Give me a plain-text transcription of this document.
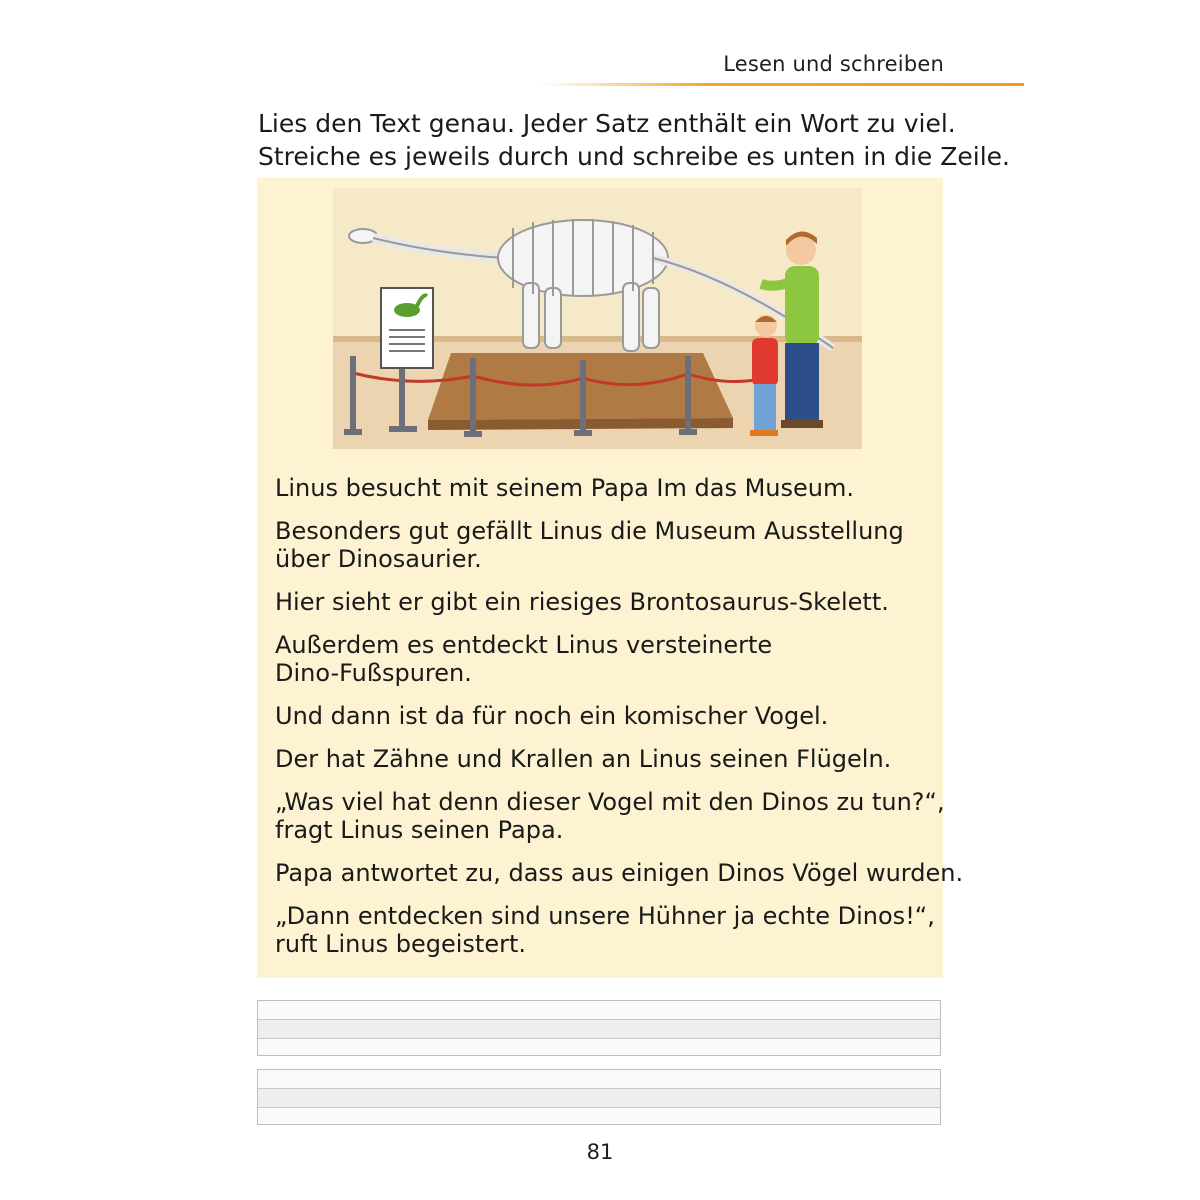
Lesen und schreiben
Lies den Text genau. Jeder Satz enthält ein Wort zu viel.
Streiche es jeweils durch und schreibe es unten in die Zeile.
Linus besucht mit seinem Papa Im das Museum.
Besonders gut gefällt Linus die Museum Ausstellung
über Dinosaurier.
Hier sieht er gibt ein riesiges Brontosaurus-Skelett.
Außerdem es entdeckt Linus versteinerte
Dino-Fußspuren.
Und dann ist da für noch ein komischer Vogel.
Der hat Zähne und Krallen an Linus seinen Flügeln.
„Was viel hat denn dieser Vogel mit den Dinos zu tun?“,
fragt Linus seinen Papa.
Papa antwortet zu, dass aus einigen Dinos Vögel wurden.
„Dann entdecken sind unsere Hühner ja echte Dinos!“,
ruft Linus begeistert.
81
